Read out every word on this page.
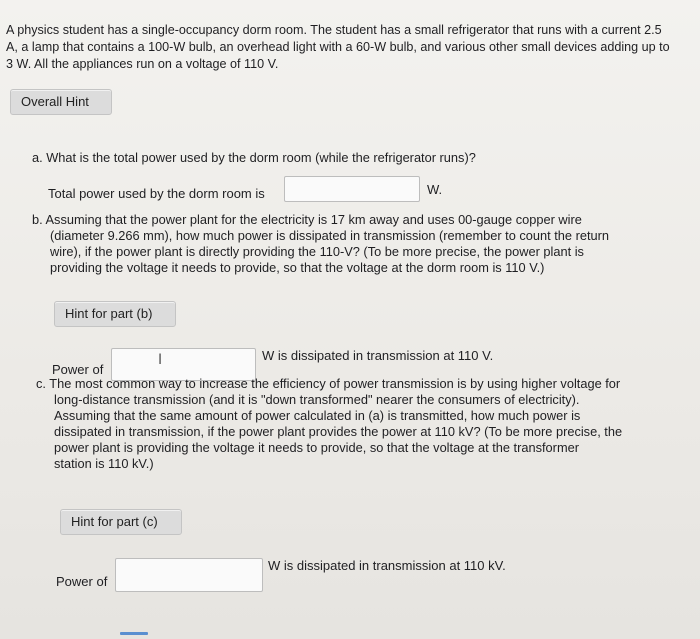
A physics student has a single-occupancy dorm room. The student has a small refrigerator that runs with a current 2.5 A, a lamp that contains a 100-W bulb, an overhead light with a 60-W bulb, and various other small devices adding up to 3 W. All the appliances run on a voltage of 110 V.
Overall Hint
a. What is the total power used by the dorm room (while the refrigerator runs)?
Total power used by the dorm room is	W.
b. Assuming that the power plant for the electricity is 17 km away and uses 00-gauge copper wire
(diameter 9.266 mm), how much power is dissipated in transmission (remember to count the return
wire), if the power plant is directly providing the 110-V? (To be more precise, the power plant is
providing the voltage it needs to provide, so that the voltage at the dorm room is 110 V.)
Hint for part (b)
Power of
I	W is dissipated in transmission at 110 V.
c. The most common way to increase the efficiency of power transmission is by using higher voltage for
long-distance transmission (and it is "down transformed" nearer the consumers of electricity).
Assuming that the same amount of power calculated in (a) is transmitted, how much power is
dissipated in transmission, if the power plant provides the power at 110 kV? (To be more precise, the
power plant is providing the voltage it needs to provide, so that the voltage at the transformer
station is 110 kV.)
Hint for part (c)
Power of
W is dissipated in transmission at 110 kV.
